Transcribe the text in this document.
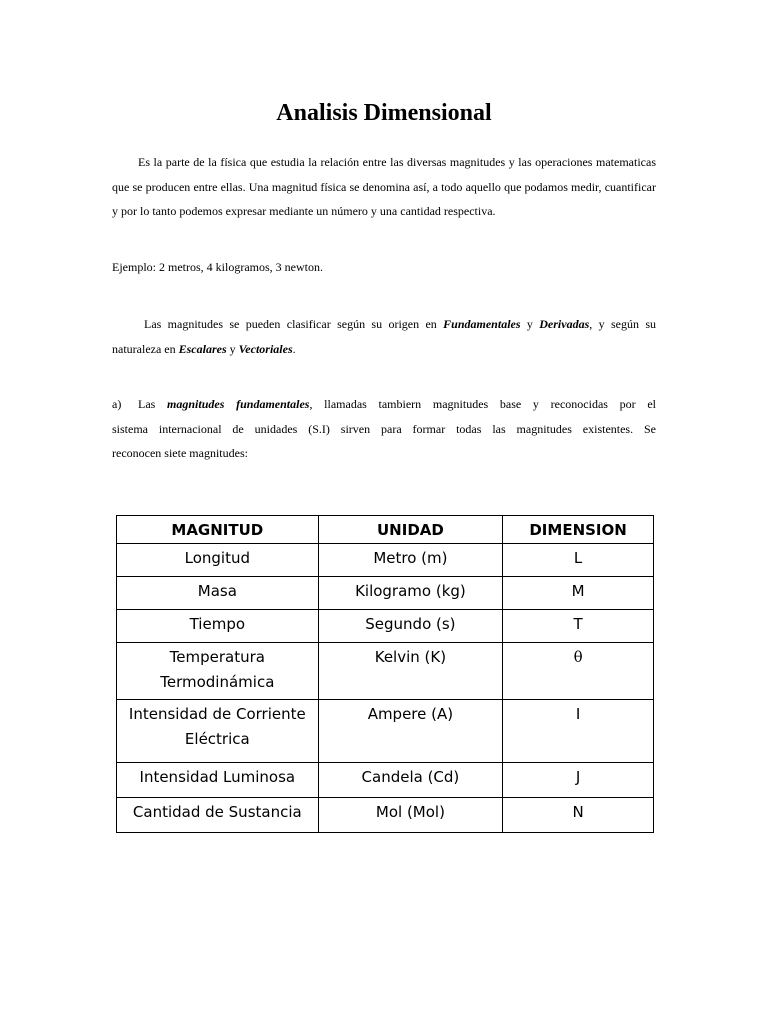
Analisis Dimensional

Es la parte de la física que estudia la relación entre las diversas magnitudes y las operaciones matematicas que se producen entre ellas. Una magnitud física se denomina así, a todo aquello que podamos medir, cuantificar y por lo tanto podemos expresar mediante un número y una cantidad respectiva.

Ejemplo: 2 metros, 4 kilogramos, 3 newton.

Las magnitudes se pueden clasificar según su origen en Fundamentales y Derivadas, y según su naturaleza en Escalares y Vectoriales.

a) Las magnitudes fundamentales, llamadas tambiern magnitudes base y reconocidas por el
sistema internacional de unidades (S.I) sirven para formar todas las magnitudes existentes. Se
reconocen siete magnitudes:
MAGNITUD	UNIDAD	DIMENSION
Longitud	Metro (m)	L
Masa	Kilogramo (kg)	M
Tiempo	Segundo (s)	T
Temperatura Termodinámica	Kelvin (K)	θ
Intensidad de Corriente Eléctrica	Ampere (A)	I
Intensidad Luminosa	Candela (Cd)	J
Cantidad de Sustancia	Mol (Mol)	N
